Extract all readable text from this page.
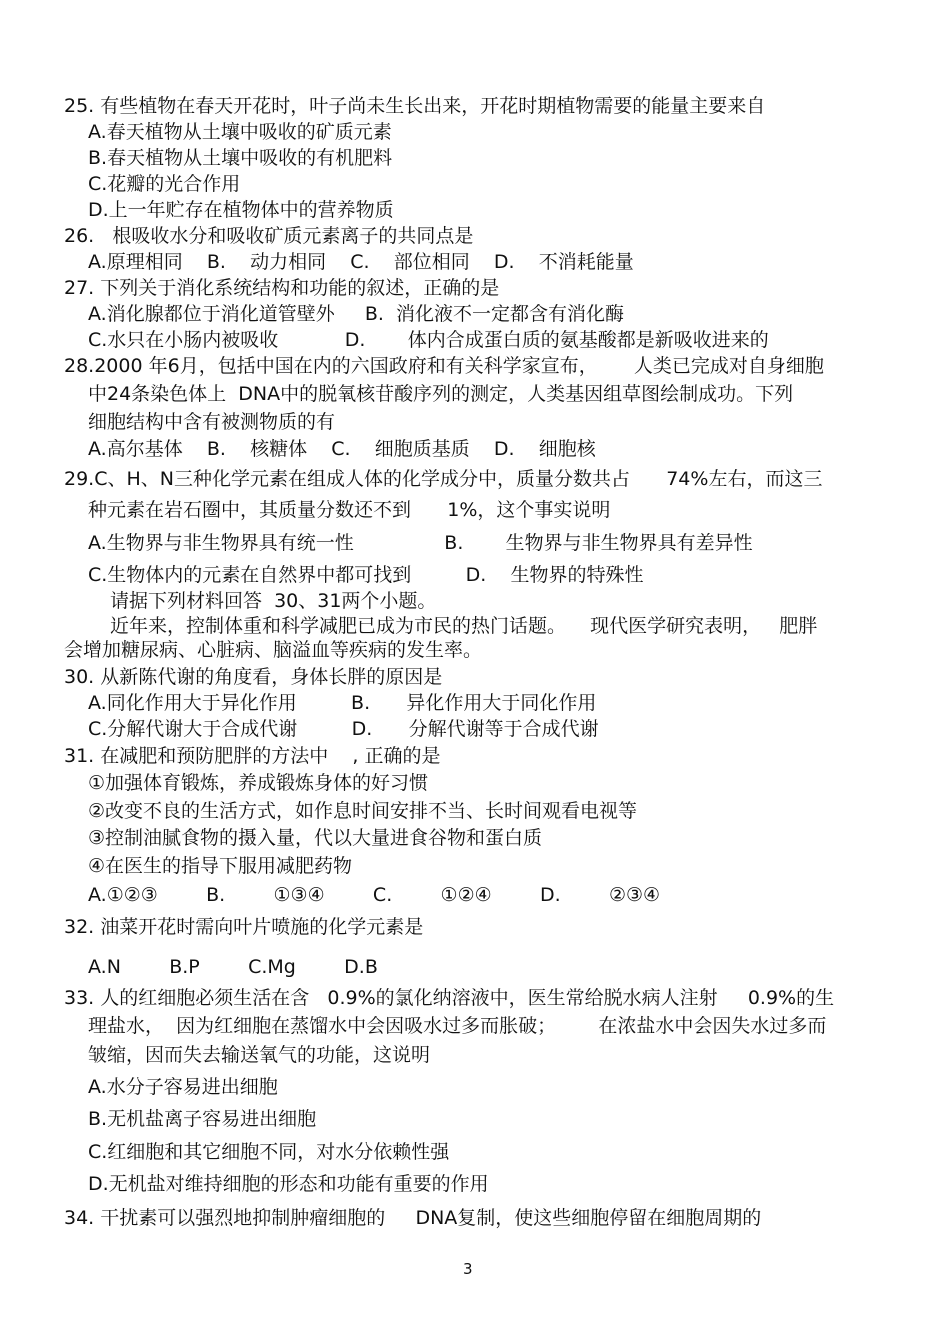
25. 有些植物在春天开花时，叶子尚未生长出来，开花时期植物需要的能量主要来自
A.春天植物从土壤中吸收的矿质元素
B.春天植物从土壤中吸收的有机肥料
C.花瓣的光合作用
D.上一年贮存在植物体中的营养物质
26.   根吸收水分和吸收矿质元素离子的共同点是
A.原理相同    B.    动力相同    C.    部位相同    D.    不消耗能量
27. 下列关于消化系统结构和功能的叙述，正确的是
A.消化腺都位于消化道管壁外     B.  消化液不一定都含有消化酶
C.水只在小肠内被吸收           D.       体内合成蛋白质的氨基酸都是新吸收进来的
28.2000 年6月，包括中国在内的六国政府和有关科学家宣布，      人类已完成对自身细胞
中24条染色体上  DNA中的脱氧核苷酸序列的测定，人类基因组草图绘制成功。下列
细胞结构中含有被测物质的有
A.高尔基体    B.    核糖体    C.    细胞质基质    D.    细胞核
29.C、H、N三种化学元素在组成人体的化学成分中，质量分数共占      74%左右，而这三
种元素在岩石圈中，其质量分数还不到      1%，这个事实说明
A.生物界与非生物界具有统一性               B.       生物界与非生物界具有差异性
C.生物体内的元素在自然界中都可找到         D.    生物界的特殊性
请据下列材料回答  30、31两个小题。
近年来，控制体重和科学减肥已成为市民的热门话题。    现代医学研究表明，   肥胖
会增加糖尿病、心脏病、脑溢血等疾病的发生率。
30. 从新陈代谢的角度看，身体长胖的原因是
A.同化作用大于异化作用         B.      异化作用大于同化作用
C.分解代谢大于合成代谢         D.      分解代谢等于合成代谢
31. 在减肥和预防肥胖的方法中    , 正确的是
①加强体育锻炼，养成锻炼身体的好习惯
②改变不良的生活方式，如作息时间安排不当、长时间观看电视等
③控制油腻食物的摄入量，代以大量进食谷物和蛋白质
④在医生的指导下服用减肥药物
A.①②③        B.        ①③④        C.        ①②④        D.        ②③④
32. 油菜开花时需向叶片喷施的化学元素是
A.N        B.P        C.Mg        D.B
33. 人的红细胞必须生活在含   0.9%的氯化纳溶液中，医生常给脱水病人注射     0.9%的生
理盐水，  因为红细胞在蒸馏水中会因吸水过多而胀破；       在浓盐水中会因失水过多而
皱缩，因而失去输送氧气的功能，这说明
A.水分子容易进出细胞
B.无机盐离子容易进出细胞
C.红细胞和其它细胞不同，对水分依赖性强
D.无机盐对维持细胞的形态和功能有重要的作用
34. 干扰素可以强烈地抑制肿瘤细胞的     DNA复制，使这些细胞停留在细胞周期的
3
